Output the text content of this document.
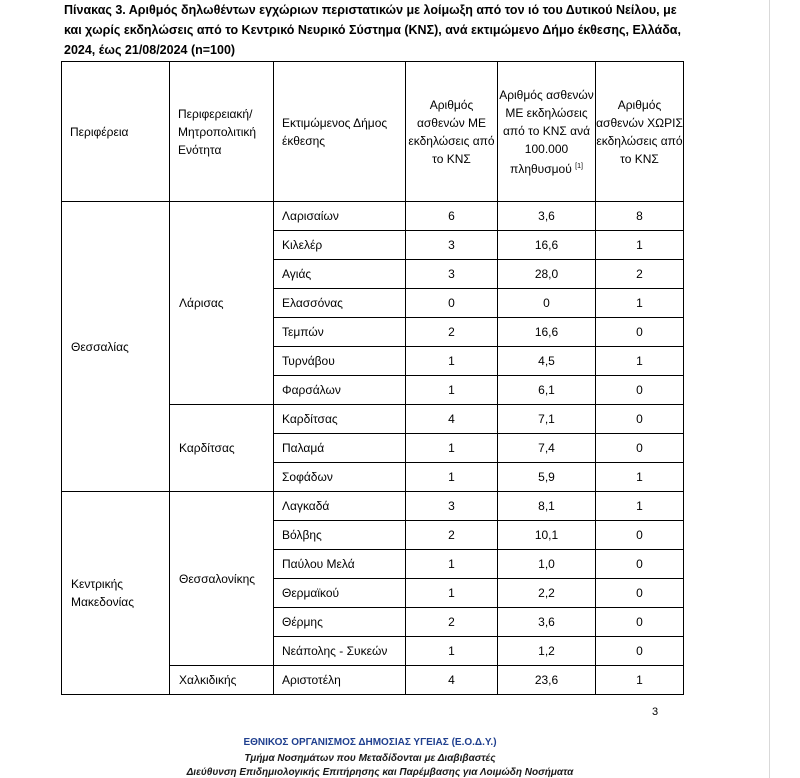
Πίνακας 3. Αριθμός δηλωθέντων εγχώριων περιστατικών με λοίμωξη από τον ιό του Δυτικού Νείλου, με
και χωρίς εκδηλώσεις από το Κεντρικό Νευρικό Σύστημα (ΚΝΣ), ανά εκτιμώμενο Δήμο έκθεσης, Ελλάδα,
2024, έως 21/08/2024 (n=100)
Περιφέρεια	Περιφερειακή/ Μητροπολιτική Ενότητα	Εκτιμώμενος Δήμος έκθεσης	Αριθμός ασθενών ΜΕ εκδηλώσεις από το ΚΝΣ	Αριθμός ασθενών ΜΕ εκδηλώσεις από το ΚΝΣ ανά 100.000 πληθυσμού [1]	Αριθμός ασθενών ΧΩΡΙΣ εκδηλώσεις από το ΚΝΣ
Θεσσαλίας	Λάρισας	Λαρισαίων	6	3,6	8
		Κιλελέρ	3	16,6	1
		Αγιάς	3	28,0	2
		Ελασσόνας	0	0	1
		Τεμπών	2	16,6	0
		Τυρνάβου	1	4,5	1
		Φαρσάλων	1	6,1	0
	Καρδίτσας	Καρδίτσας	4	7,1	0
		Παλαμά	1	7,4	0
		Σοφάδων	1	5,9	1
Κεντρικής Μακεδονίας	Θεσσαλονίκης	Λαγκαδά	3	8,1	1
		Βόλβης	2	10,1	0
		Παύλου Μελά	1	1,0	0
		Θερμαϊκού	1	2,2	0
		Θέρμης	2	3,6	0
		Νεάπολης - Συκεών	1	1,2	0
	Χαλκιδικής	Αριστοτέλη	4	23,6	1
3
ΕΘΝΙΚΟΣ ΟΡΓΑΝΙΣΜΟΣ ΔΗΜΟΣΙΑΣ ΥΓΕΙΑΣ (Ε.Ο.Δ.Υ.)
Τμήμα Νοσημάτων που Μεταδίδονται με Διαβιβαστές
Διεύθυνση Επιδημιολογικής Επιτήρησης και Παρέμβασης για Λοιμώδη Νοσήματα
